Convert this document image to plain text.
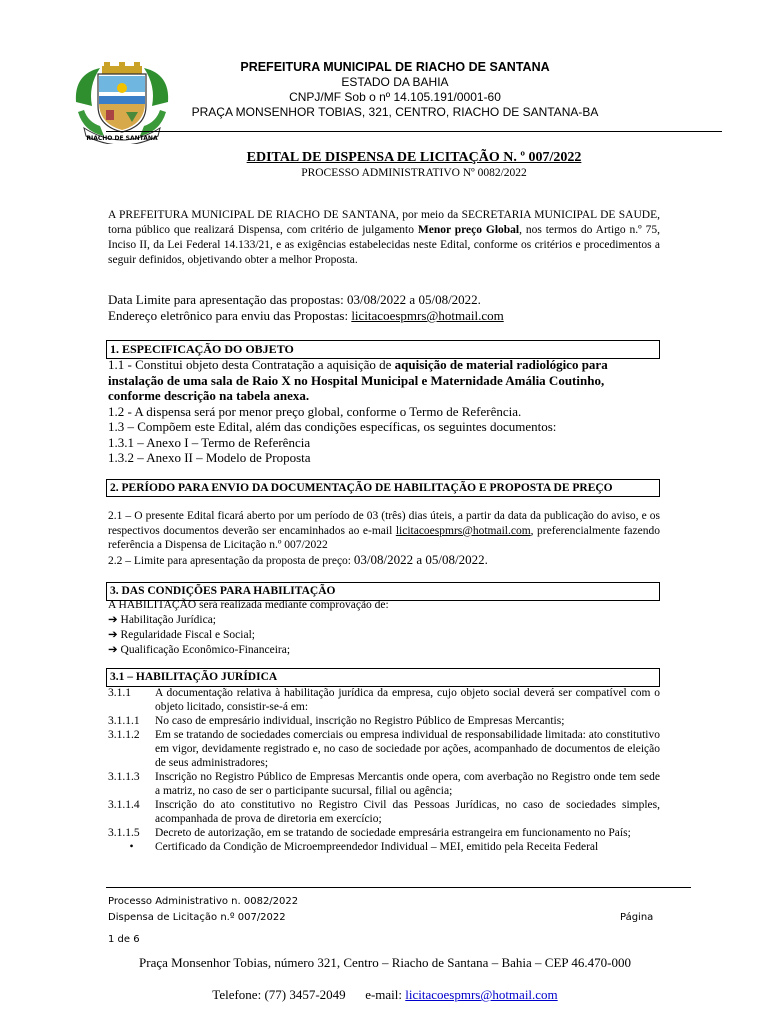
RIACHO DE SANTANA
PREFEITURA MUNICIPAL DE RIACHO DE SANTANA
ESTADO DA BAHIA
CNPJ/MF Sob o nº 14.105.191/0001-60
PRAÇA MONSENHOR TOBIAS, 321, CENTRO, RIACHO DE SANTANA-BA
EDITAL DE DISPENSA DE LICITAÇÃO N. º 007/2022
PROCESSO ADMINISTRATIVO Nº 0082/2022
A PREFEITURA MUNICIPAL DE RIACHO DE SANTANA, por meio da SECRETARIA MUNICIPAL DE SAUDE, torna público que realizará Dispensa, com critério de julgamento Menor preço Global, nos termos do Artigo n.º 75, Inciso II, da Lei Federal 14.133/21, e as exigências estabelecidas neste Edital, conforme os critérios e procedimentos a seguir definidos, objetivando obter a melhor Proposta.
Data Limite para apresentação das propostas: 03/08/2022 a 05/08/2022.
Endereço eletrônico para enviu das Propostas: licitacoespmrs@hotmail.com
1. ESPECIFICAÇÃO DO OBJETO
1.1 - Constitui objeto desta Contratação a aquisição de aquisição de material radiológico para instalação de uma sala de Raio X no Hospital Municipal e Maternidade Amália Coutinho, conforme descrição na tabela anexa.
1.2 - A dispensa será por menor preço global, conforme o Termo de Referência.
1.3 – Compõem este Edital, além das condições específicas, os seguintes documentos:
1.3.1 – Anexo I – Termo de Referência
1.3.2 – Anexo II – Modelo de Proposta
2. PERÍODO PARA ENVIO DA DOCUMENTAÇÃO DE HABILITAÇÃO E PROPOSTA DE PREÇO
2.1 – O presente Edital ficará aberto por um período de 03 (três) dias úteis, a partir da data da publicação do aviso, e os respectivos documentos deverão ser encaminhados ao e-mail licitacoespmrs@hotmail.com, preferencialmente fazendo referência a Dispensa de Licitação n.º 007/2022
2.2 – Limite para apresentação da proposta de preço: 03/08/2022 a 05/08/2022.
3. DAS CONDIÇÕES PARA HABILITAÇÃO
A HABILITAÇÃO será realizada mediante comprovação de:
➔ Habilitação Jurídica;
➔ Regularidade Fiscal e Social;
➔ Qualificação Econômico-Financeira;
3.1 – HABILITAÇÃO JURÍDICA
3.1.1	A documentação relativa à habilitação jurídica da empresa, cujo objeto social deverá ser compatível com o objeto licitado, consistir-se-á em:
3.1.1.1	No caso de empresário individual, inscrição no Registro Público de Empresas Mercantis;
3.1.1.2	Em se tratando de sociedades comerciais ou empresa individual de responsabilidade limitada: ato constitutivo em vigor, devidamente registrado e, no caso de sociedade por ações, acompanhado de documentos de eleição de seus administradores;
3.1.1.3	Inscrição no Registro Público de Empresas Mercantis onde opera, com averbação no Registro onde tem sede a matriz, no caso de ser o participante sucursal, filial ou agência;
3.1.1.4	Inscrição do ato constitutivo no Registro Civil das Pessoas Jurídicas, no caso de sociedades simples, acompanhada de prova de diretoria em exercício;
3.1.1.5	Decreto de autorização, em se tratando de sociedade empresária estrangeira em funcionamento no País;
•	Certificado da Condição de Microempreendedor Individual – MEI, emitido pela Receita Federal
Processo Administrativo n. 0082/2022
Dispensa de Licitação n.º 007/2022	Página
1 de 6
Praça Monsenhor Tobias, número 321, Centro – Riacho de Santana – Bahia – CEP 46.470-000
Telefone: (77) 3457-2049 e-mail: licitacoespmrs@hotmail.com
